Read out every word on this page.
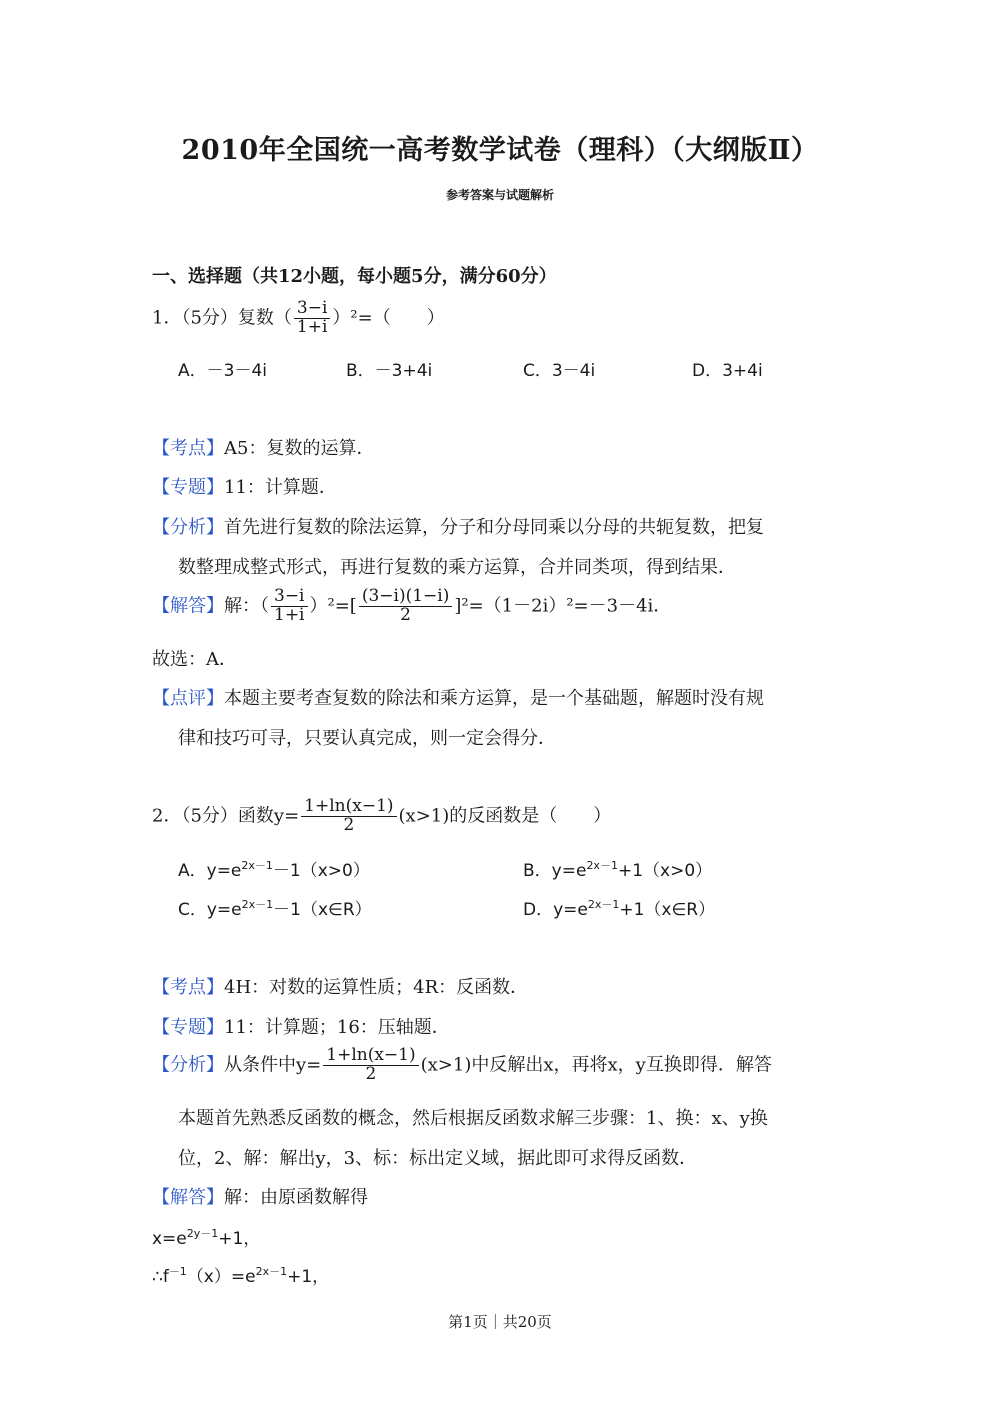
2010年全国统一高考数学试卷（理科）（大纲版Ⅱ）
参考答案与试题解析
一、选择题（共12小题，每小题5分，满分60分）
1．（5分）复数（ $\frac{3-i}{1+i} )^2=$（　　）
A．－3－4i	B．－3+4i	C．3－4i	D．3+4i
【考点】A5：复数的运算．
【专题】11：计算题．
【分析】首先进行复数的除法运算，分子和分母同乘以分母的共轭复数，把复
数整理成整式形式，再进行复数的乘方运算，合并同类项，得到结果．
【解答】解：（ $\frac{3-i}{1+i} )^2=[ \frac{(3-i)(1-i)}{2} ]^2=(1-2i)^2=-3-4i$．
故选：A．
【点评】本题主要考查复数的除法和乘方运算，是一个基础题，解题时没有规
律和技巧可寻，只要认真完成，则一定会得分．
2．（5分）函数$y= \frac{1+\ln(x-1)}{2} (x>1)$的反函数是（　　）
A．$y=e^{2x-1}-1(x>0)$	B．$y=e^{2x-1}+1(x>0)$
C．$y=e^{2x-1}-1(x\in R)$	D．$y=e^{2x-1}+1(x\in R)$
【考点】4H：对数的运算性质；4R：反函数．
【专题】11：计算题；16：压轴题．
【分析】从条件中$y= \frac{1+\ln(x-1)}{2} (x>1)$中反解出x，再将x，y互换即得．解答
本题首先熟悉反函数的概念，然后根据反函数求解三步骤：1、换：x、y换
位，2、解：解出y，3、标：标出定义域，据此即可求得反函数．
【解答】解：由原函数解得
$x=e^{2y-1}+1$，
$\therefore f^{-1}(x)=e^{2x-1}+1$，
第1页｜共20页
